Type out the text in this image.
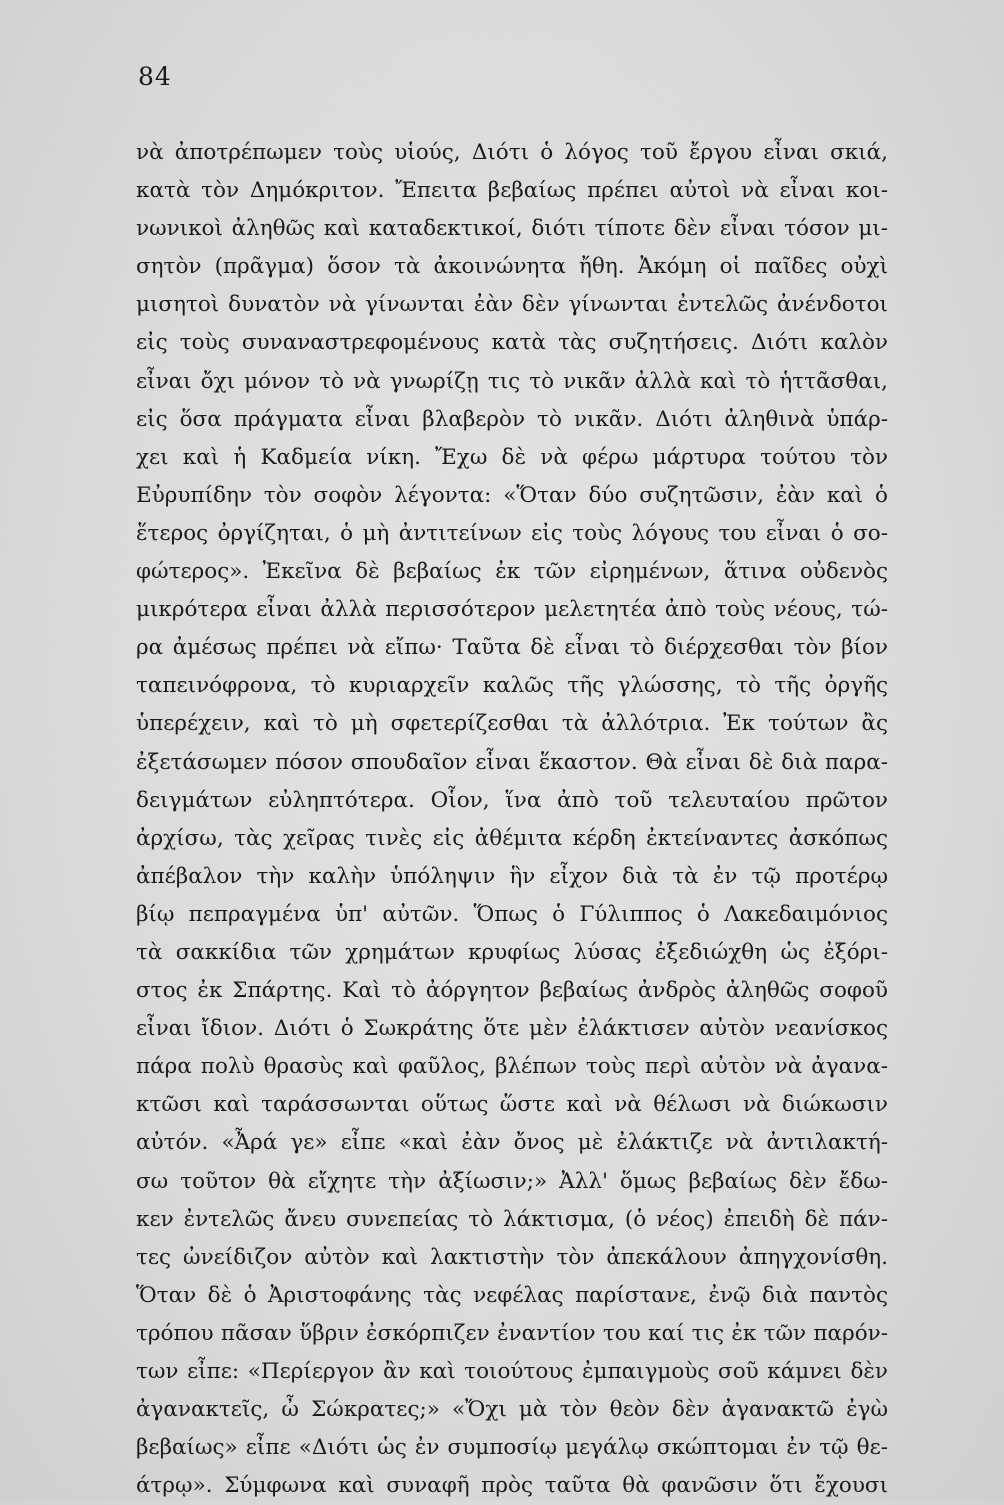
84
νὰ ἀποτρέπωμεν τοὺς υἱούς, Διότι ὁ λόγος τοῦ ἔργου εἶναι σκιά,
κατὰ τὸν Δημόκριτον. Ἔπειτα βεβαίως πρέπει αὐτοὶ νὰ εἶναι κοι-
νωνικοὶ ἀληθῶς καὶ καταδεκτικοί, διότι τίποτε δὲν εἶναι τόσον μι-
σητὸν (πρᾶγμα) ὅσον τὰ ἀκοινώνητα ἤθη. Ἀκόμη οἱ παῖδες οὐχὶ
μισητοὶ δυνατὸν νὰ γίνωνται ἐὰν δὲν γίνωνται ἐντελῶς ἀνένδοτοι
εἰς τοὺς συναναστρεφομένους κατὰ τὰς συζητήσεις. Διότι καλὸν
εἶναι ὄχι μόνον τὸ νὰ γνωρίζῃ τις τὸ νικᾶν ἀλλὰ καὶ τὸ ἡττᾶσθαι,
εἰς ὅσα πράγματα εἶναι βλαβερὸν τὸ νικᾶν. Διότι ἀληθινὰ ὑπάρ-
χει καὶ ἡ Καδμεία νίκη. Ἔχω δὲ νὰ φέρω μάρτυρα τούτου τὸν
Εὐρυπίδην τὸν σοφὸν λέγοντα: «Ὅταν δύο συζητῶσιν, ἐὰν καὶ ὁ
ἕτερος ὀργίζηται, ὁ μὴ ἀντιτείνων εἰς τοὺς λόγους του εἶναι ὁ σο-
φώτερος». Ἐκεῖνα δὲ βεβαίως ἐκ τῶν εἰρημένων, ἅτινα οὐδενὸς
μικρότερα εἶναι ἀλλὰ περισσότερον μελετητέα ἀπὸ τοὺς νέους, τώ-
ρα ἀμέσως πρέπει νὰ εἴπω· Ταῦτα δὲ εἶναι τὸ διέρχεσθαι τὸν βίον
ταπεινόφρονα, τὸ κυριαρχεῖν καλῶς τῆς γλώσσης, τὸ τῆς ὀργῆς
ὑπερέχειν, καὶ τὸ μὴ σφετερίζεσθαι τὰ ἀλλότρια. Ἐκ τούτων ἂς
ἐξετάσωμεν πόσον σπουδαῖον εἶναι ἕκαστον. Θὰ εἶναι δὲ διὰ παρα-
δειγμάτων εὐληπτότερα. Οἷον, ἵνα ἀπὸ τοῦ τελευταίου πρῶτον
ἀρχίσω, τὰς χεῖρας τινὲς εἰς ἀθέμιτα κέρδη ἐκτείναντες ἀσκόπως
ἀπέβαλον τὴν καλὴν ὑπόληψιν ἣν εἶχον διὰ τὰ ἐν τῷ προτέρῳ
βίῳ πεπραγμένα ὑπ' αὐτῶν. Ὅπως ὁ Γύλιππος ὁ Λακεδαιμόνιος
τὰ σακκίδια τῶν χρημάτων κρυφίως λύσας ἐξεδιώχθη ὡς ἐξόρι-
στος ἐκ Σπάρτης. Καὶ τὸ ἀόργητον βεβαίως ἀνδρὸς ἀληθῶς σοφοῦ
εἶναι ἴδιον. Διότι ὁ Σωκράτης ὅτε μὲν ἐλάκτισεν αὐτὸν νεανίσκος
πάρα πολὺ θρασὺς καὶ φαῦλος, βλέπων τοὺς περὶ αὐτὸν νὰ ἀγανα-
κτῶσι καὶ ταράσσωνται οὕτως ὥστε καὶ νὰ θέλωσι νὰ διώκωσιν
αὐτόν. «Ἆρά γε» εἶπε «καὶ ἐὰν ὄνος μὲ ἐλάκτιζε νὰ ἀντιλακτή-
σω τοῦτον θὰ εἴχητε τὴν ἀξίωσιν;» Ἀλλ' ὅμως βεβαίως δὲν ἔδω-
κεν ἐντελῶς ἄνευ συνεπείας τὸ λάκτισμα, (ὁ νέος) ἐπειδὴ δὲ πάν-
τες ὠνείδιζον αὐτὸν καὶ λακτιστὴν τὸν ἀπεκάλουν ἀπηγχονίσθη.
Ὅταν δὲ ὁ Ἀριστοφάνης τὰς νεφέλας παρίστανε, ἐνῷ διὰ παντὸς
τρόπου πᾶσαν ὕβριν ἐσκόρπιζεν ἐναντίον του καί τις ἐκ τῶν παρόν-
των εἶπε: «Περίεργον ἂν καὶ τοιούτους ἐμπαιγμοὺς σοῦ κάμνει δὲν
ἀγανακτεῖς, ὦ Σώκρατες;» «Ὄχι μὰ τὸν θεὸν δὲν ἀγανακτῶ ἐγὼ
βεβαίως» εἶπε «Διότι ὡς ἐν συμποσίῳ μεγάλῳ σκώπτομαι ἐν τῷ θε-
άτρῳ». Σύμφωνα καὶ συναφῆ πρὸς ταῦτα θὰ φανῶσιν ὅτι ἔχουσι
